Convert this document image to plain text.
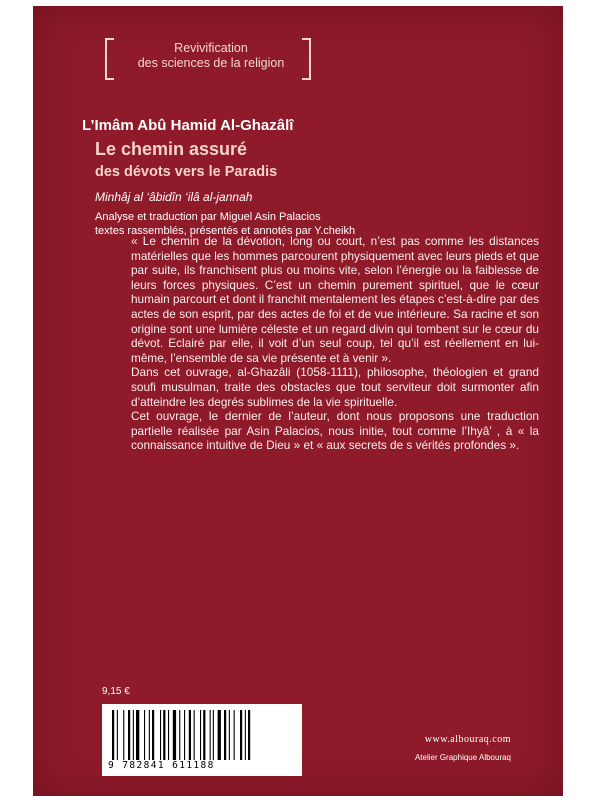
Revivification
des sciences de la religion
L’Imâm Abû Hamid Al-Ghazâlî
Le chemin assuré
des dévots vers le Paradis
Minhâj al ‘âbidîn ‘ilâ al-jannah
Analyse et traduction par Miguel Asin Palacios
textes rassemblés, présentés et annotés par Y.cheikh

« Le chemin de la dévotion, long ou court, n’est pas comme les distances matérielles que les hommes parcourent physiquement avec leurs pieds et que par suite, ils franchisent plus ou moins vite, selon l’énergie ou la faiblesse de leurs forces physiques. C’est un chemin purement spirituel, que le cœur humain parcourt et dont il franchit mentalement les étapes c’est-à-dire par des actes de son esprit, par des actes de foi et de vue intérieure. Sa racine et son origine sont une lumière céleste et un regard divin qui tombent sur le cœur du dévot. Eclairé par elle, il voit d’un seul coup, tel qu’il est réellement en lui-même, l’ensemble de sa vie présente et à venir ».

Dans cet ouvrage, al-Ghazâli (1058-1111), philosophe, théologien et grand soufi musulman, traite des obstacles que tout serviteur doit surmonter afin d’atteindre les degrés sublimes de la vie spirituelle.

Cet ouvrage, le dernier de l’auteur, dont nous proposons une traduction partielle réalisée par Asin Palacios, nous initie, tout comme l’Ihyâ’ , à « la connaissance intuitive de Dieu » et « aux secrets de s vérités profondes ».

9,15 €
9 782841 611188
www.albouraq.com
Atelier Graphique Albouraq
